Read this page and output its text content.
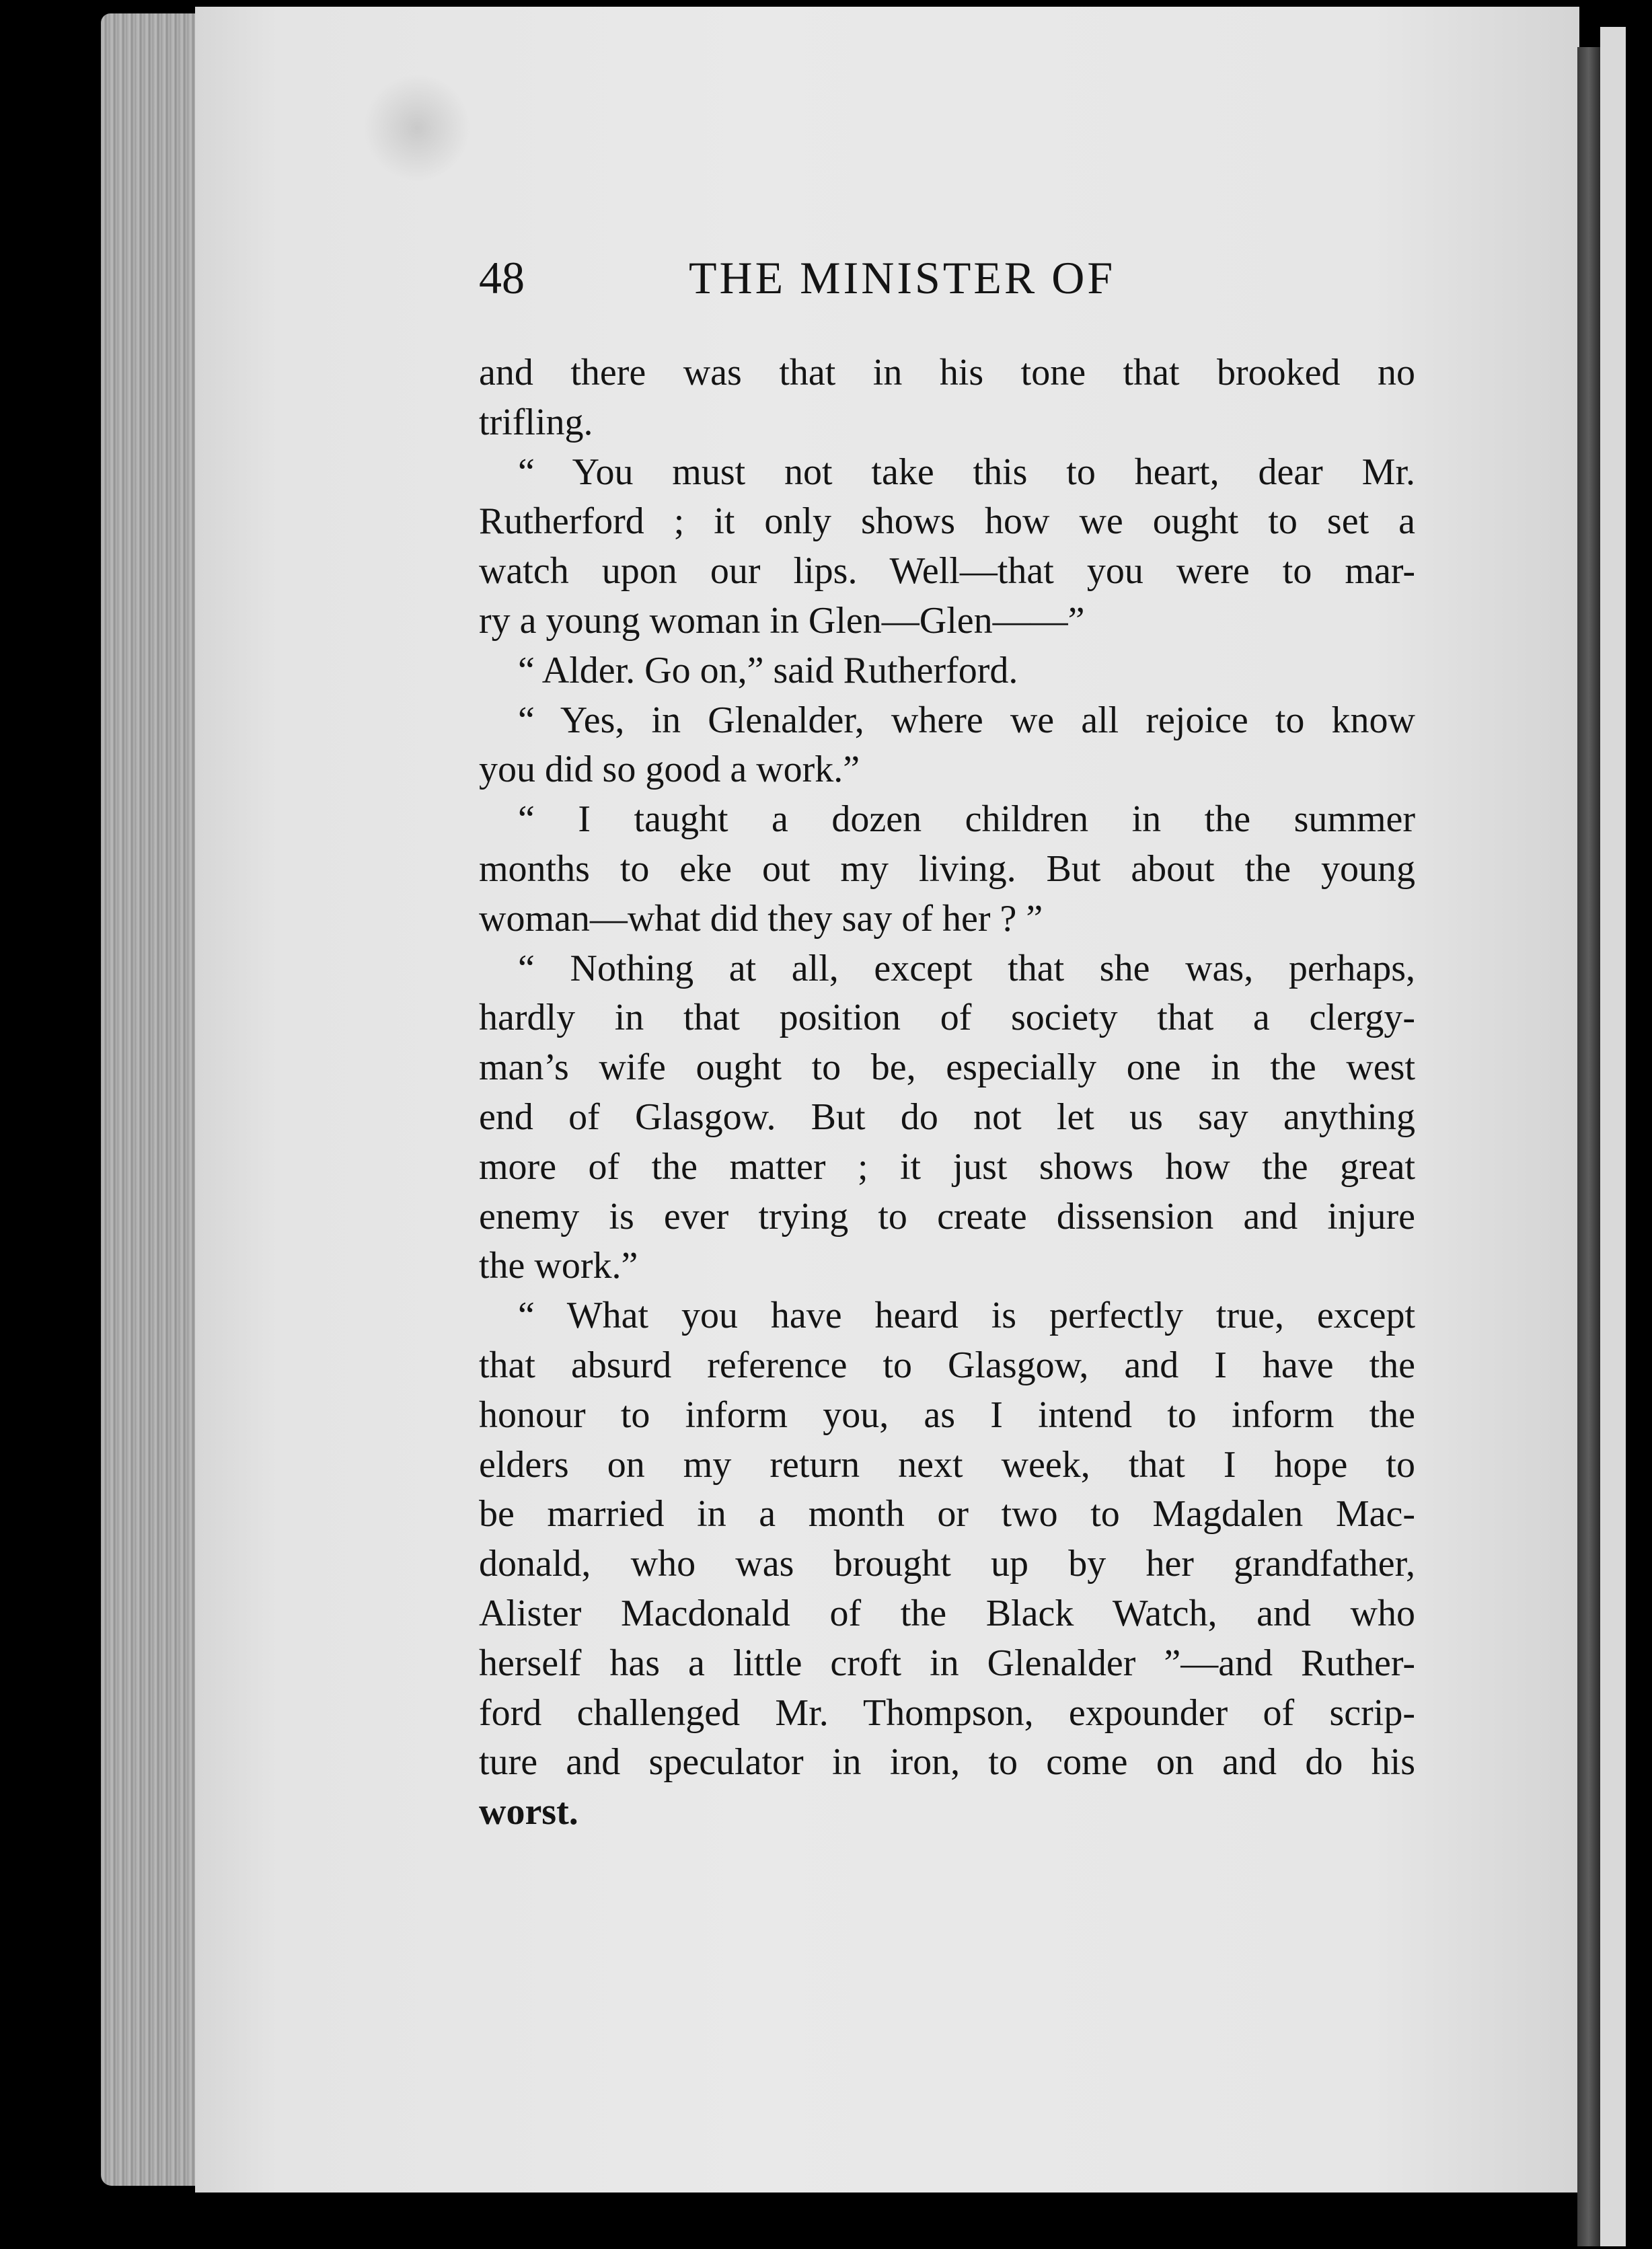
48	THE MINISTER OF
and there was that in his tone that brooked no
trifling.
“ You must not take this to heart, dear Mr.
Rutherford ; it only shows how we ought to set a
watch upon our lips. Well—that you were to mar-
ry a young woman in Glen—Glen——”
“ Alder. Go on,” said Rutherford.
“ Yes, in Glenalder, where we all rejoice to know
you did so good a work.”
“ I taught a dozen children in the summer
months to eke out my living. But about the young
woman—what did they say of her ? ”
“ Nothing at all, except that she was, perhaps,
hardly in that position of society that a clergy-
man’s wife ought to be, especially one in the west
end of Glasgow. But do not let us say anything
more of the matter ; it just shows how the great
enemy is ever trying to create dissension and injure
the work.”
“ What you have heard is perfectly true, except
that absurd reference to Glasgow, and I have the
honour to inform you, as I intend to inform the
elders on my return next week, that I hope to
be married in a month or two to Magdalen Mac-
donald, who was brought up by her grandfather,
Alister Macdonald of the Black Watch, and who
herself has a little croft in Glenalder ”—and Ruther-
ford challenged Mr. Thompson, expounder of scrip-
ture and speculator in iron, to come on and do his
worst.
